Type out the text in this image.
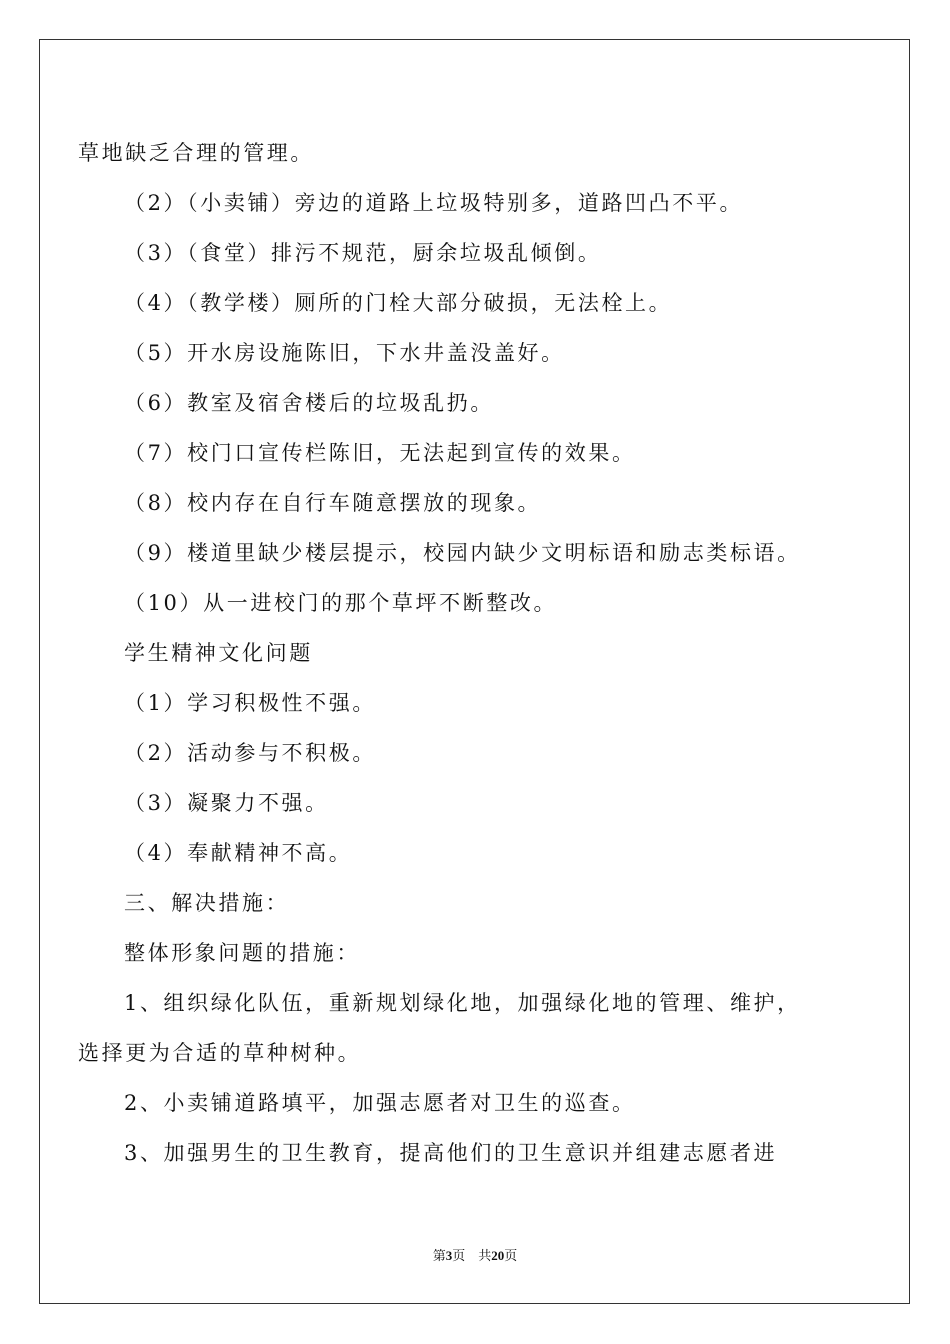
草地缺乏合理的管理。
（2）（小卖铺）旁边的道路上垃圾特别多，道路凹凸不平。
（3）（食堂）排污不规范，厨余垃圾乱倾倒。
（4）（教学楼）厕所的门栓大部分破损，无法栓上。
（5）开水房设施陈旧，下水井盖没盖好。
（6）教室及宿舍楼后的垃圾乱扔。
（7）校门口宣传栏陈旧，无法起到宣传的效果。
（8）校内存在自行车随意摆放的现象。
（9）楼道里缺少楼层提示，校园内缺少文明标语和励志类标语。
（10）从一进校门的那个草坪不断整改。
学生精神文化问题
（1）学习积极性不强。
（2）活动参与不积极。
（3）凝聚力不强。
（4）奉献精神不高。
三、解决措施：
整体形象问题的措施：
1、组织绿化队伍，重新规划绿化地，加强绿化地的管理、维护，
选择更为合适的草种树种。
2、小卖铺道路填平，加强志愿者对卫生的巡查。
3、加强男生的卫生教育，提高他们的卫生意识并组建志愿者进
第3页　共20页
